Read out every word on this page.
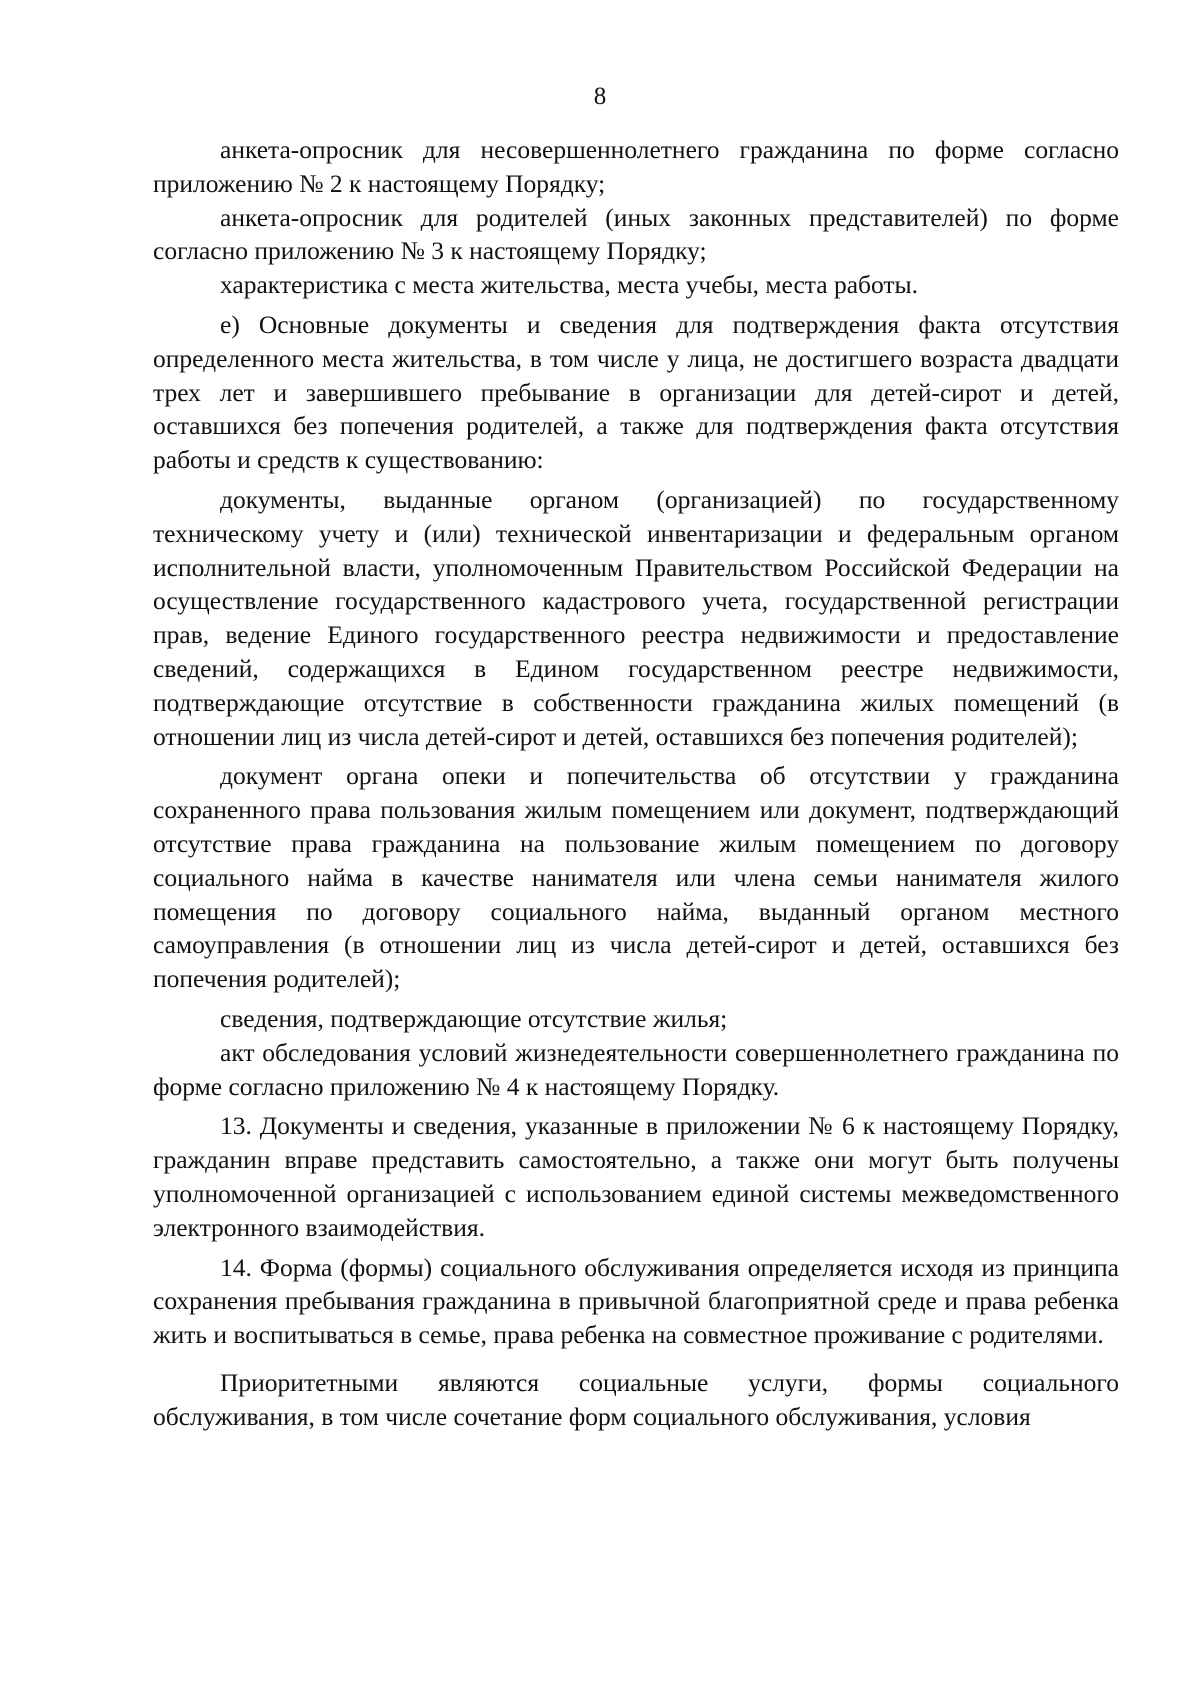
8

анкета-опросник для несовершеннолетнего гражданина по форме согласно приложению № 2 к настоящему Порядку;

анкета-опросник для родителей (иных законных представителей) по форме согласно приложению № 3 к настоящему Порядку;

характеристика с места жительства, места учебы, места работы.

е) Основные документы и сведения для подтверждения факта отсутствия определенного места жительства, в том числе у лица, не достигшего возраста двадцати трех лет и завершившего пребывание в организации для детей-сирот и детей, оставшихся без попечения родителей, а также для подтверждения факта отсутствия работы и средств к существованию:

документы, выданные органом (организацией) по государственному техническому учету и (или) технической инвентаризации и федеральным органом исполнительной власти, уполномоченным Правительством Российской Федерации на осуществление государственного кадастрового учета, государственной регистрации прав, ведение Единого государственного реестра недвижимости и предоставление сведений, содержащихся в Едином государственном реестре недвижимости, подтверждающие отсутствие в собственности гражданина жилых помещений (в отношении лиц из числа детей-сирот и детей, оставшихся без попечения родителей);

документ органа опеки и попечительства об отсутствии у гражданина сохраненного права пользования жилым помещением или документ, подтверждающий отсутствие права гражданина на пользование жилым помещением по договору социального найма в качестве нанимателя или члена семьи нанимателя жилого помещения по договору социального найма, выданный органом местного самоуправления (в отношении лиц из числа детей-сирот и детей, оставшихся без попечения родителей);

сведения, подтверждающие отсутствие жилья;

акт обследования условий жизнедеятельности совершеннолетнего гражданина по форме согласно приложению № 4 к настоящему Порядку.

13. Документы и сведения, указанные в приложении № 6 к настоящему Порядку, гражданин вправе представить самостоятельно, а также они могут быть получены уполномоченной организацией с использованием единой системы межведомственного электронного взаимодействия.

14. Форма (формы) социального обслуживания определяется исходя из принципа сохранения пребывания гражданина в привычной благоприятной среде и права ребенка жить и воспитываться в семье, права ребенка на совместное проживание с родителями.

Приоритетными являются социальные услуги, формы социального обслуживания, в том числе сочетание форм социального обслуживания, условия
